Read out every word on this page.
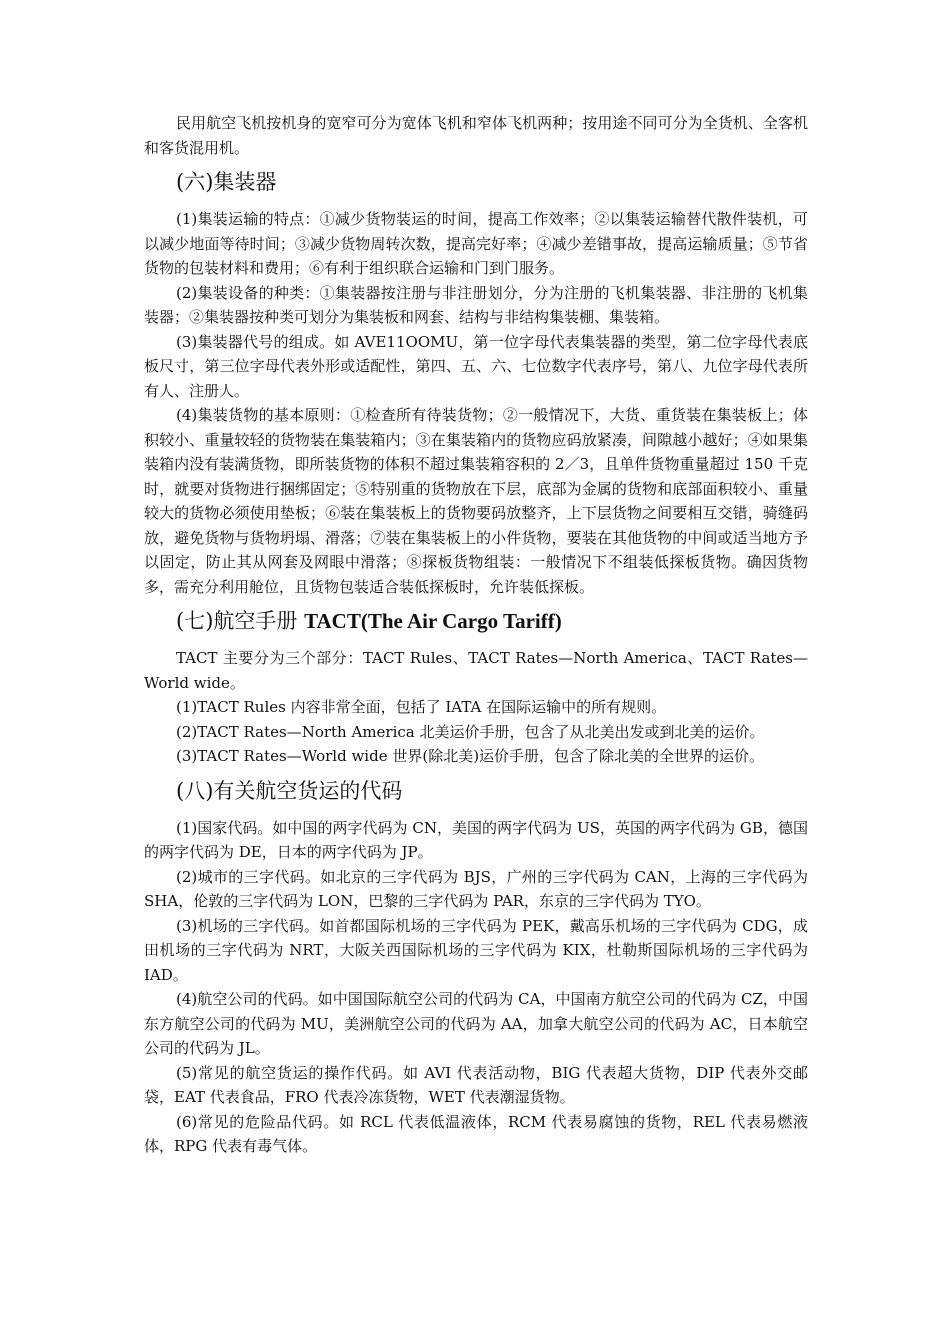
民用航空飞机按机身的宽窄可分为宽体飞机和窄体飞机两种；按用途不同可分为全货机、全客机和客货混用机。

(六)集装器

(1)集装运输的特点：①减少货物装运的时间，提高工作效率；②以集装运输替代散件装机，可以减少地面等待时间；③减少货物周转次数，提高完好率；④减少差错事故，提高运输质量；⑤节省货物的包装材料和费用；⑥有利于组织联合运输和门到门服务。

(2)集装设备的种类：①集装器按注册与非注册划分，分为注册的飞机集装器、非注册的飞机集装器；②集装器按种类可划分为集装板和网套、结构与非结构集装棚、集装箱。

(3)集装器代号的组成。如 AVE11OOMU，第一位字母代表集装器的类型，第二位字母代表底板尺寸，第三位字母代表外形或适配性，第四、五、六、七位数字代表序号，第八、九位字母代表所有人、注册人。

(4)集装货物的基本原则：①检查所有待装货物；②一般情况下，大货、重货装在集装板上；体积较小、重量较轻的货物装在集装箱内；③在集装箱内的货物应码放紧凑，间隙越小越好；④如果集装箱内没有装满货物，即所装货物的体积不超过集装箱容积的 2／3，且单件货物重量超过 150 千克时，就要对货物进行捆绑固定；⑤特别重的货物放在下层，底部为金属的货物和底部面积较小、重量较大的货物必须使用垫板；⑥装在集装板上的货物要码放整齐，上下层货物之间要相互交错，骑缝码放，避免货物与货物坍塌、滑落；⑦装在集装板上的小件货物，要装在其他货物的中间或适当地方予以固定，防止其从网套及网眼中滑落；⑧探板货物组装：一般情况下不组装低探板货物。确因货物多，需充分利用舱位，且货物包装适合装低探板时，允许装低探板。

(七)航空手册 TACT(The Air Cargo Tariff)

TACT 主要分为三个部分：TACT Rules、TACT Rates—North America、TACT Rates—World wide。

(1)TACT Rules 内容非常全面，包括了 IATA 在国际运输中的所有规则。

(2)TACT Rates—North America 北美运价手册，包含了从北美出发或到北美的运价。

(3)TACT Rates—World wide 世界(除北美)运价手册，包含了除北美的全世界的运价。

(八)有关航空货运的代码

(1)国家代码。如中国的两字代码为 CN，美国的两字代码为 US，英国的两字代码为 GB，德国的两字代码为 DE，日本的两字代码为 JP。

(2)城市的三字代码。如北京的三字代码为 BJS，广州的三字代码为 CAN，上海的三字代码为 SHA，伦敦的三字代码为 LON，巴黎的三字代码为 PAR，东京的三字代码为 TYO。

(3)机场的三字代码。如首都国际机场的三字代码为 PEK，戴高乐机场的三字代码为 CDG，成田机场的三字代码为 NRT，大阪关西国际机场的三字代码为 KIX，杜勒斯国际机场的三字代码为 IAD。

(4)航空公司的代码。如中国国际航空公司的代码为 CA，中国南方航空公司的代码为 CZ，中国东方航空公司的代码为 MU，美洲航空公司的代码为 AA，加拿大航空公司的代码为 AC，日本航空公司的代码为 JL。

(5)常见的航空货运的操作代码。如 AVI 代表活动物，BIG 代表超大货物，DIP 代表外交邮袋，EAT 代表食品，FRO 代表冷冻货物，WET 代表潮湿货物。

(6)常见的危险品代码。如 RCL 代表低温液体，RCM 代表易腐蚀的货物，REL 代表易燃液体，RPG 代表有毒气体。
